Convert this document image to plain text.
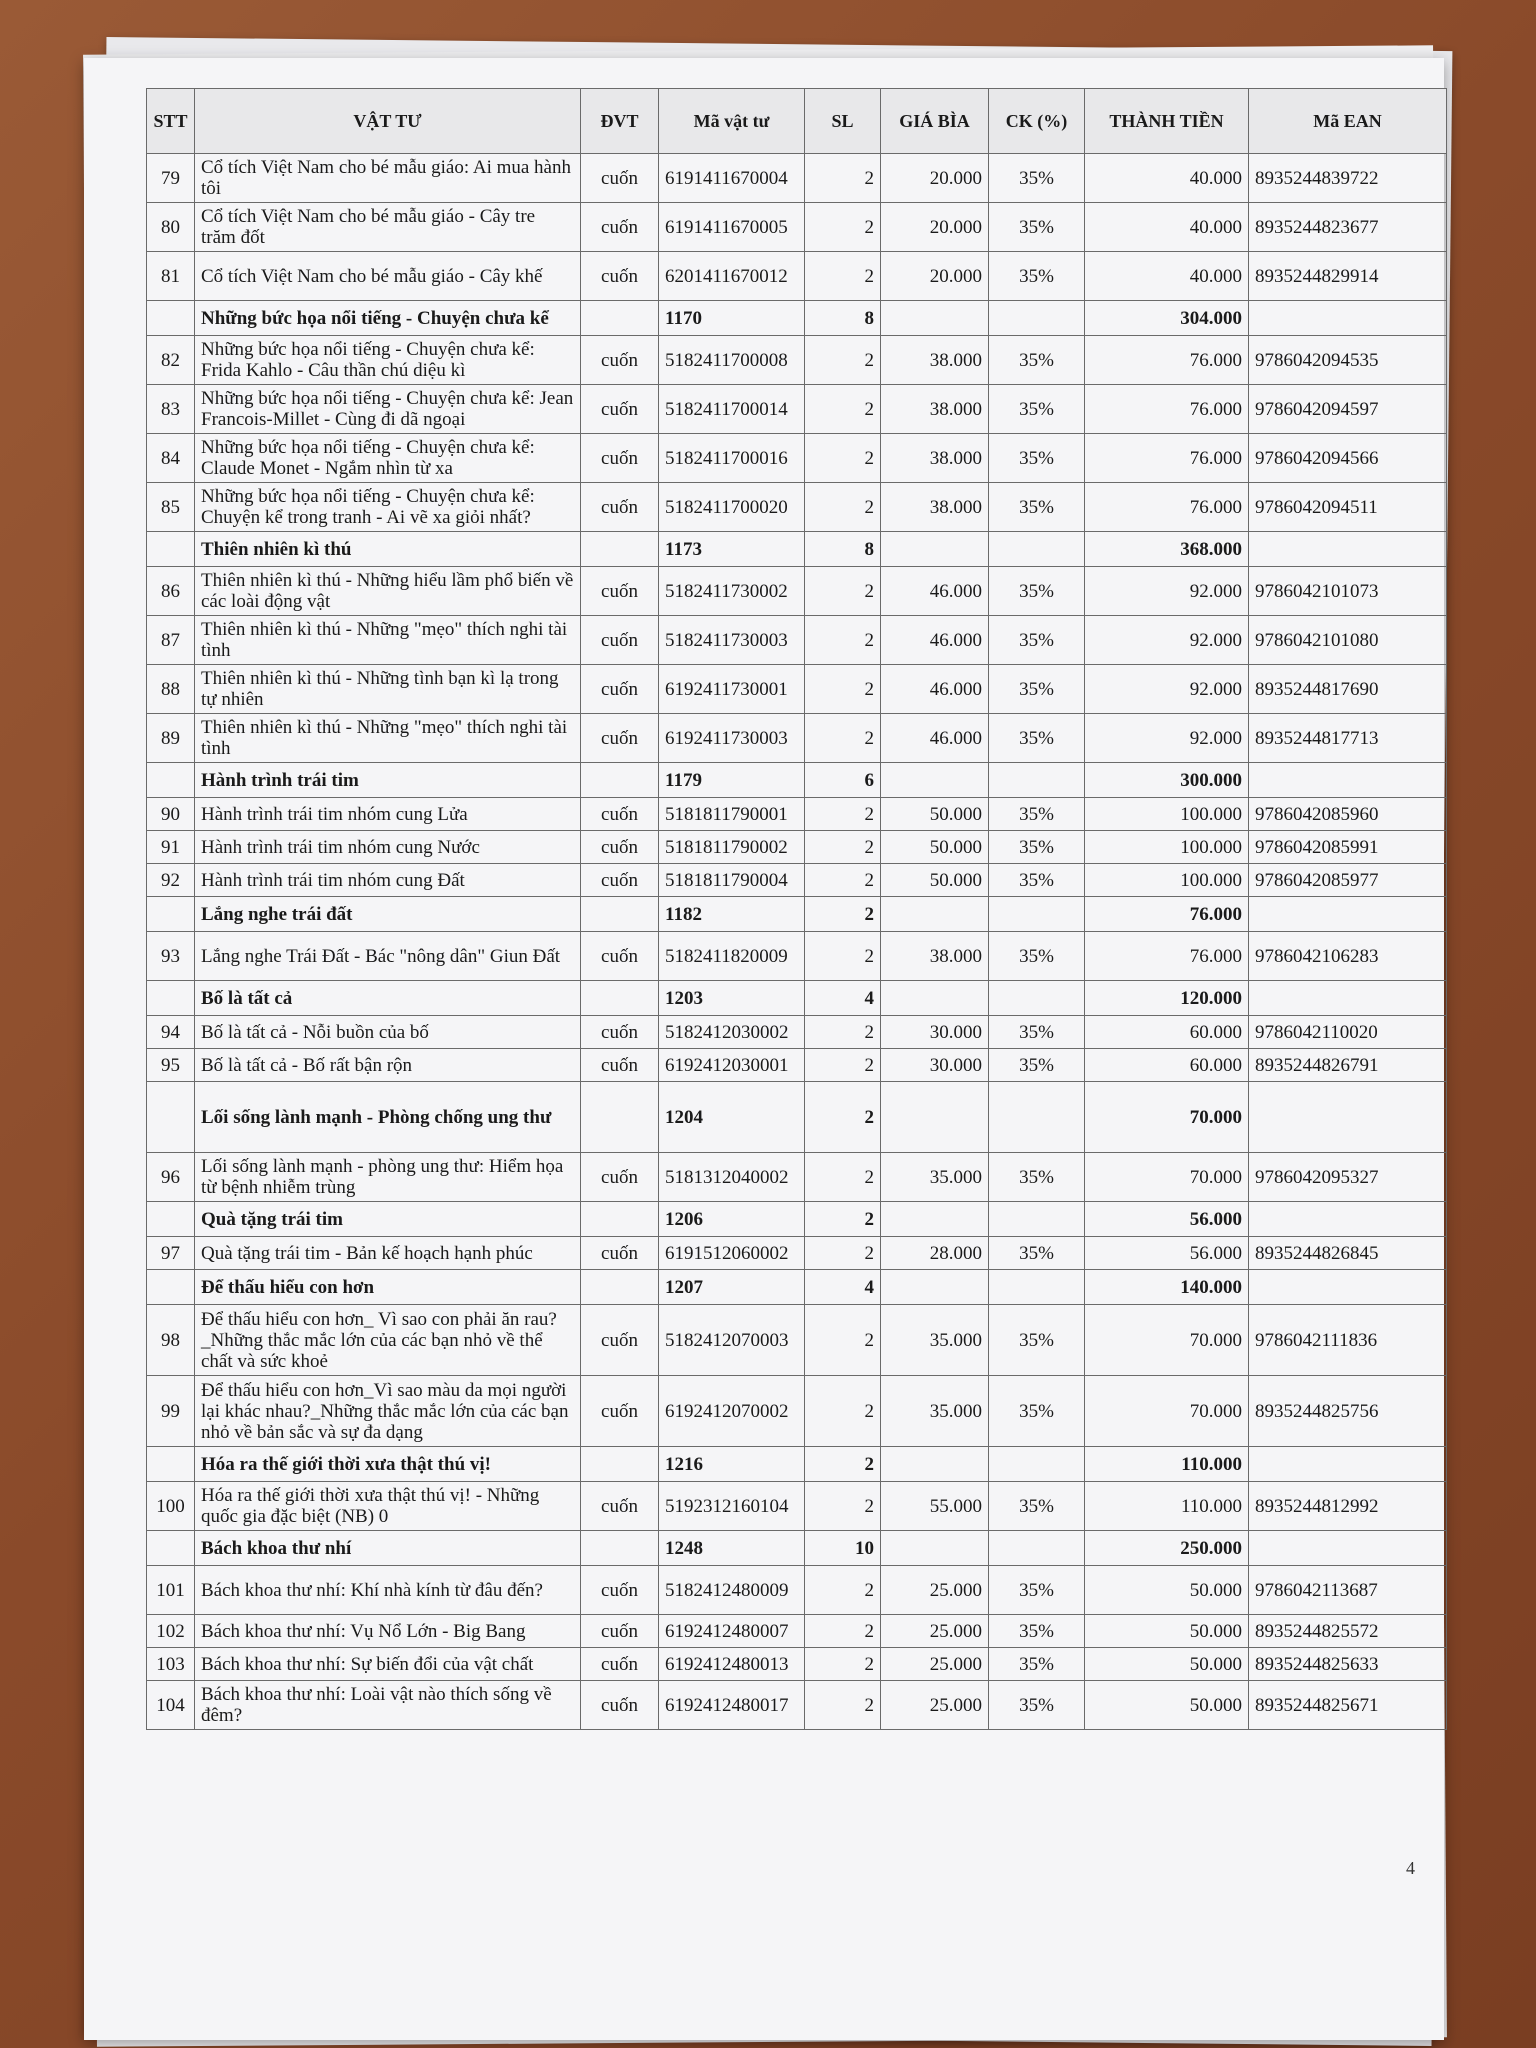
STT	VẬT TƯ	ĐVT	Mã vật tư	SL	GIÁ BÌA	CK (%)	THÀNH TIỀN	Mã EAN
79	Cổ tích Việt Nam cho bé mẫu giáo: Ai mua hành tôi	cuốn	6191411670004	2	20.000	35%	40.000	8935244839722
80	Cổ tích Việt Nam cho bé mẫu giáo - Cây tre trăm đốt	cuốn	6191411670005	2	20.000	35%	40.000	8935244823677
81	Cổ tích Việt Nam cho bé mẫu giáo - Cây khế	cuốn	6201411670012	2	20.000	35%	40.000	8935244829914
	Những bức họa nổi tiếng - Chuyện chưa kể		1170	8			304.000	
82	Những bức họa nổi tiếng - Chuyện chưa kể: Frida Kahlo - Câu thần chú diệu kì	cuốn	5182411700008	2	38.000	35%	76.000	9786042094535
83	Những bức họa nổi tiếng - Chuyện chưa kể: Jean Francois-Millet - Cùng đi dã ngoại	cuốn	5182411700014	2	38.000	35%	76.000	9786042094597
84	Những bức họa nổi tiếng - Chuyện chưa kể: Claude Monet - Ngắm nhìn từ xa	cuốn	5182411700016	2	38.000	35%	76.000	9786042094566
85	Những bức họa nổi tiếng - Chuyện chưa kể: Chuyện kể trong tranh - Ai vẽ xa giỏi nhất?	cuốn	5182411700020	2	38.000	35%	76.000	9786042094511
	Thiên nhiên kì thú		1173	8			368.000	
86	Thiên nhiên kì thú - Những hiểu lầm phổ biến về các loài động vật	cuốn	5182411730002	2	46.000	35%	92.000	9786042101073
87	Thiên nhiên kì thú - Những "mẹo" thích nghi tài tình	cuốn	5182411730003	2	46.000	35%	92.000	9786042101080
88	Thiên nhiên kì thú - Những tình bạn kì lạ trong tự nhiên	cuốn	6192411730001	2	46.000	35%	92.000	8935244817690
89	Thiên nhiên kì thú - Những "mẹo" thích nghi tài tình	cuốn	6192411730003	2	46.000	35%	92.000	8935244817713
	Hành trình trái tim		1179	6			300.000	
90	Hành trình trái tim nhóm cung Lửa	cuốn	5181811790001	2	50.000	35%	100.000	9786042085960
91	Hành trình trái tim nhóm cung Nước	cuốn	5181811790002	2	50.000	35%	100.000	9786042085991
92	Hành trình trái tim nhóm cung Đất	cuốn	5181811790004	2	50.000	35%	100.000	9786042085977
	Lắng nghe trái đất		1182	2			76.000	
93	Lắng nghe Trái Đất - Bác "nông dân" Giun Đất	cuốn	5182411820009	2	38.000	35%	76.000	9786042106283
	Bố là tất cả		1203	4			120.000	
94	Bố là tất cả - Nỗi buồn của bố	cuốn	5182412030002	2	30.000	35%	60.000	9786042110020
95	Bố là tất cả - Bố rất bận rộn	cuốn	6192412030001	2	30.000	35%	60.000	8935244826791
	Lối sống lành mạnh - Phòng chống ung thư		1204	2			70.000	
96	Lối sống lành mạnh - phòng ung thư: Hiểm họa từ bệnh nhiễm trùng	cuốn	5181312040002	2	35.000	35%	70.000	9786042095327
	Quà tặng trái tim		1206	2			56.000	
97	Quà tặng trái tim - Bản kế hoạch hạnh phúc	cuốn	6191512060002	2	28.000	35%	56.000	8935244826845
	Để thấu hiểu con hơn		1207	4			140.000	
98	Để thấu hiểu con hơn_ Vì sao con phải ăn rau?_Những thắc mắc lớn của các bạn nhỏ về thể chất và sức khoẻ	cuốn	5182412070003	2	35.000	35%	70.000	9786042111836
99	Để thấu hiểu con hơn_Vì sao màu da mọi người lại khác nhau?_Những thắc mắc lớn của các bạn nhỏ về bản sắc và sự đa dạng	cuốn	6192412070002	2	35.000	35%	70.000	8935244825756
	Hóa ra thế giới thời xưa thật thú vị!		1216	2			110.000	
100	Hóa ra thế giới thời xưa thật thú vị! - Những quốc gia đặc biệt (NB) 0	cuốn	5192312160104	2	55.000	35%	110.000	8935244812992
	Bách khoa thư nhí		1248	10			250.000	
101	Bách khoa thư nhí: Khí nhà kính từ đâu đến?	cuốn	5182412480009	2	25.000	35%	50.000	9786042113687
102	Bách khoa thư nhí: Vụ Nổ Lớn - Big Bang	cuốn	6192412480007	2	25.000	35%	50.000	8935244825572
103	Bách khoa thư nhí: Sự biến đổi của vật chất	cuốn	6192412480013	2	25.000	35%	50.000	8935244825633
104	Bách khoa thư nhí: Loài vật nào thích sống về đêm?	cuốn	6192412480017	2	25.000	35%	50.000	8935244825671
4
